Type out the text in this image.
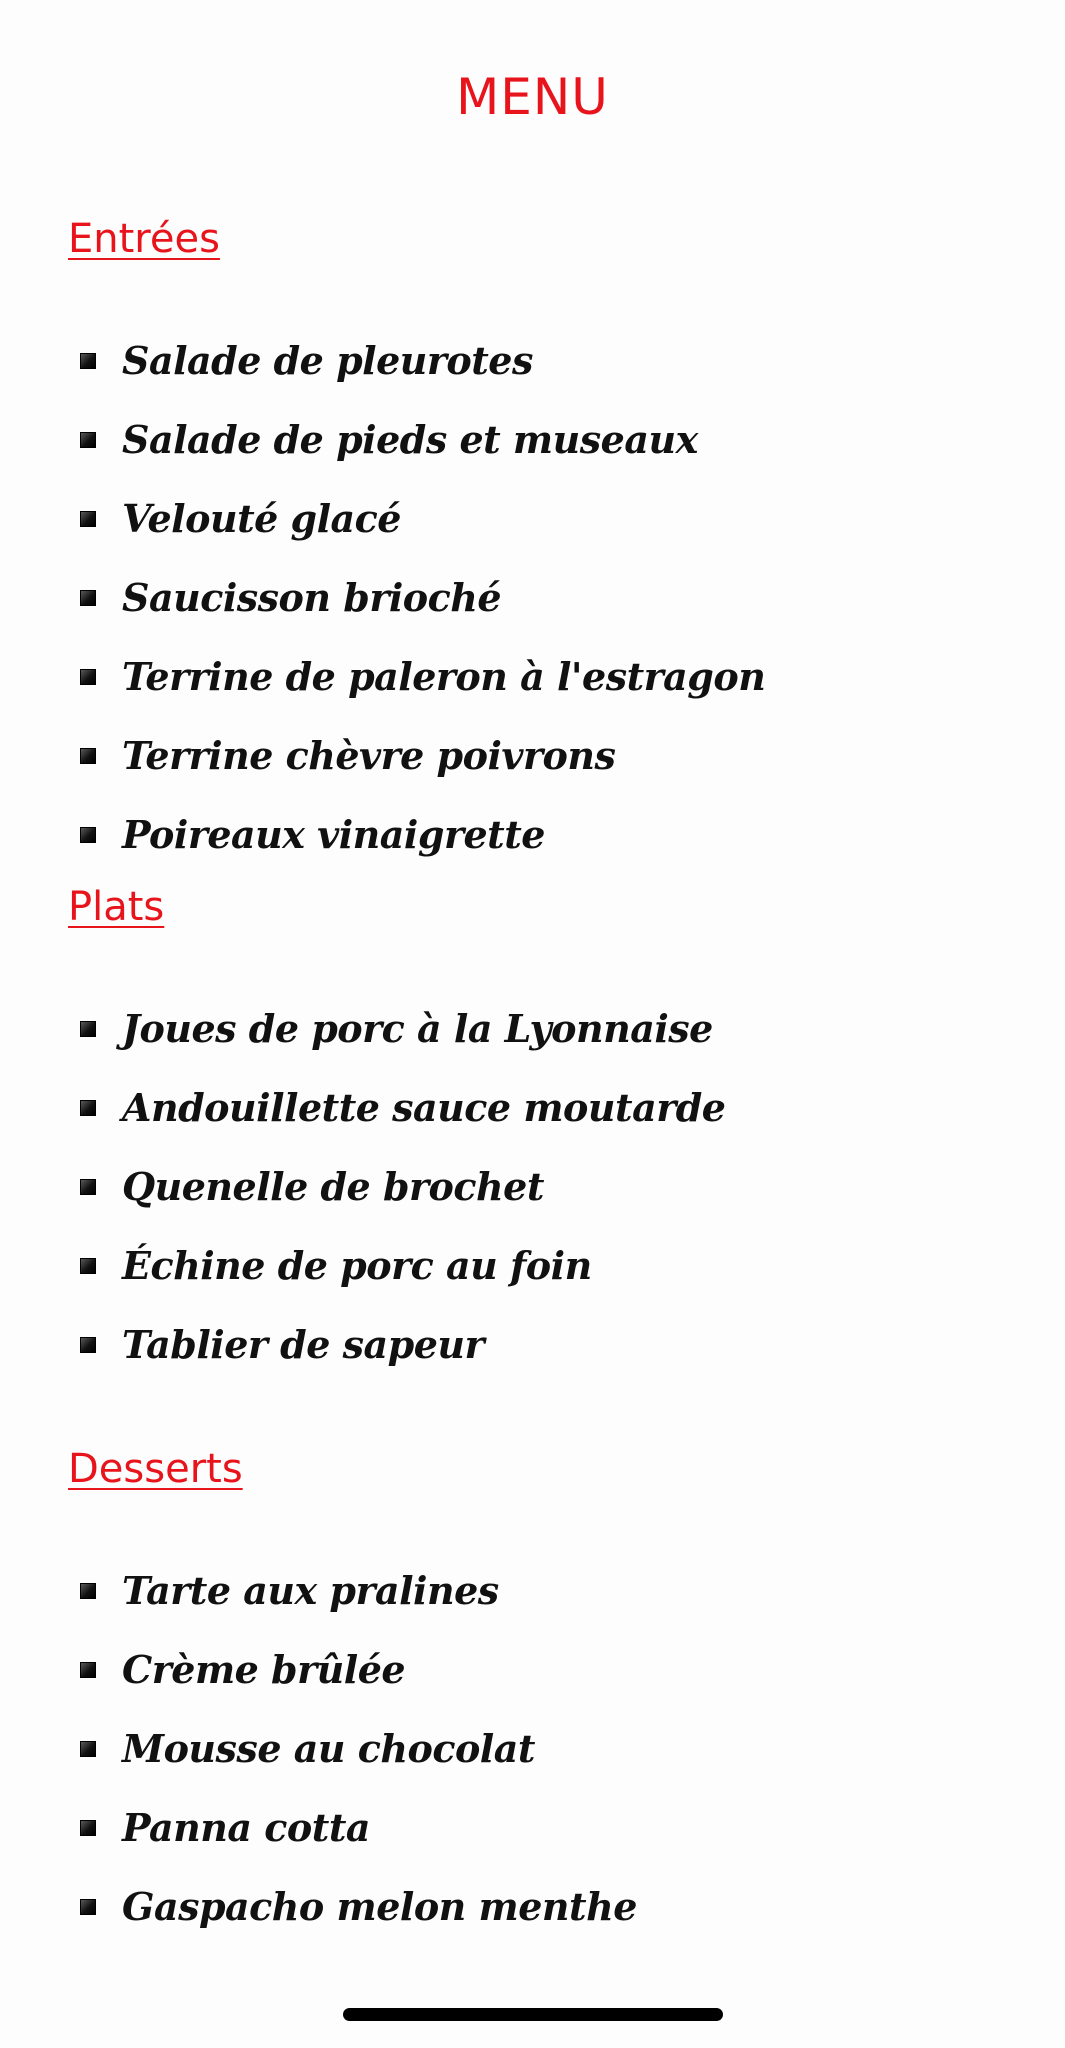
MENU
Entrées
Salade de pleurotes
Salade de pieds et museaux
Velouté glacé
Saucisson brioché
Terrine de paleron à l'estragon
Terrine chèvre poivrons
Poireaux vinaigrette
Plats
Joues de porc à la Lyonnaise
Andouillette sauce moutarde
Quenelle de brochet
Échine de porc au foin
Tablier de sapeur
Desserts
Tarte aux pralines
Crème brûlée
Mousse au chocolat
Panna cotta
Gaspacho melon menthe
